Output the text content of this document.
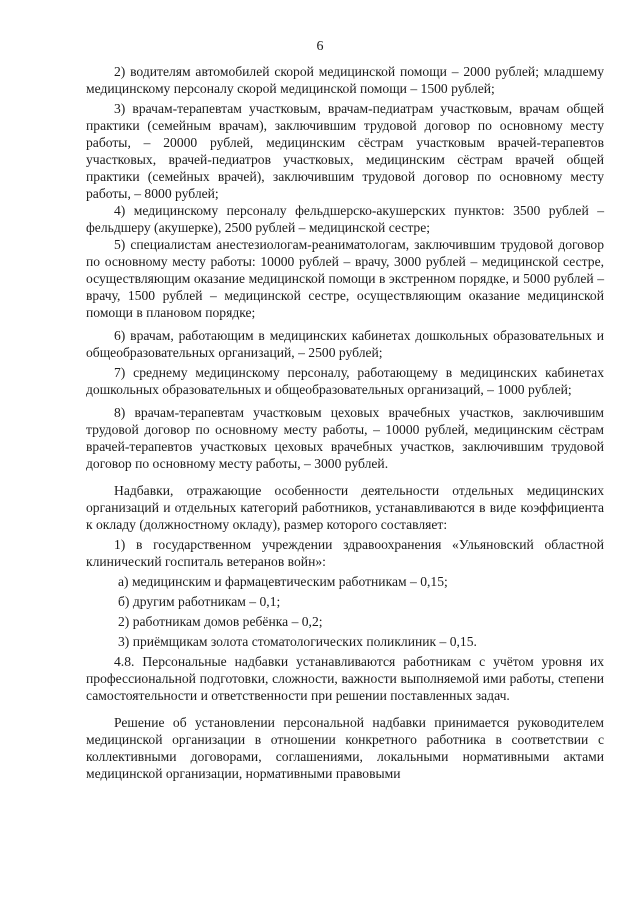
6

2) водителям автомобилей скорой медицинской помощи – 2000 рублей; младшему медицинскому персоналу скорой медицинской помощи – 1500 рублей;

3) врачам-терапевтам участковым, врачам-педиатрам участковым, врачам общей практики (семейным врачам), заключившим трудовой договор по основному месту работы, – 20000 рублей, медицинским сёстрам участковым врачей-терапевтов участковых, врачей-педиатров участковых, медицинским сёстрам врачей общей практики (семейных врачей), заключившим трудовой договор по основному месту работы, – 8000 рублей;

4) медицинскому персоналу фельдшерско-акушерских пунктов: 3500 рублей – фельдшеру (акушерке), 2500 рублей – медицинской сестре;

5) специалистам анестезиологам-реаниматологам, заключившим трудовой договор по основному месту работы: 10000 рублей – врачу, 3000 рублей – медицинской сестре, осуществляющим оказание медицинской помощи в экстренном порядке, и 5000 рублей – врачу, 1500 рублей – медицинской сестре, осуществляющим оказание медицинской помощи в плановом порядке;

6) врачам, работающим в медицинских кабинетах дошкольных образовательных и общеобразовательных организаций, – 2500 рублей;

7) среднему медицинскому персоналу, работающему в медицинских кабинетах дошкольных образовательных и общеобразовательных организаций, – 1000 рублей;

8) врачам-терапевтам участковым цеховых врачебных участков, заключившим трудовой договор по основному месту работы, – 10000 рублей, медицинским сёстрам врачей-терапевтов участковых цеховых врачебных участков, заключившим трудовой договор по основному месту работы, – 3000 рублей.

Надбавки, отражающие особенности деятельности отдельных медицинских организаций и отдельных категорий работников, устанавливаются в виде коэффициента к окладу (должностному окладу), размер которого составляет:

1) в государственном учреждении здравоохранения «Ульяновский областной клинический госпиталь ветеранов войн»:

а) медицинским и фармацевтическим работникам – 0,15;

б) другим работникам – 0,1;

2) работникам домов ребёнка – 0,2;

3) приёмщикам золота стоматологических поликлиник – 0,15.

4.8. Персональные надбавки устанавливаются работникам с учётом уровня их профессиональной подготовки, сложности, важности выполняемой ими работы, степени самостоятельности и ответственности при решении поставленных задач.

Решение об установлении персональной надбавки принимается руководителем медицинской организации в отношении конкретного работника в соответствии с коллективными договорами, соглашениями, локальными нормативными актами медицинской организации, нормативными правовыми
